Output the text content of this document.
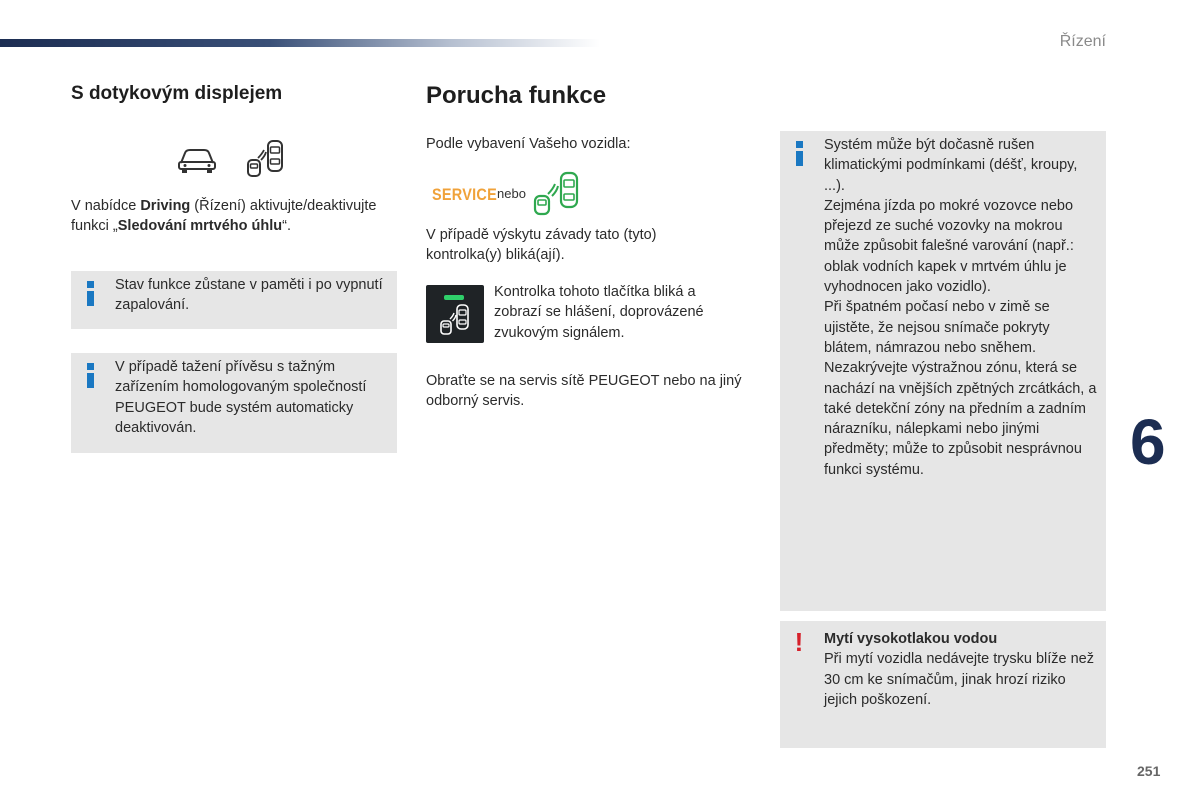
Řízení
6
251
S dotykovým displejem
V nabídce Driving (Řízení) aktivujte/deaktivujte funkci „Sledování mrtvého úhlu“.
Stav funkce zůstane v paměti i po vypnutí zapalování.
V případě tažení přívěsu s tažným zařízením homologovaným společností PEUGEOT bude systém automaticky deaktivován.
Porucha funkce
Podle vybavení Vašeho vozidla:
SERVICE nebo
V případě výskytu závady tato (tyto) kontrolka(y) bliká(ají).
Kontrolka tohoto tlačítka bliká a zobrazí se hlášení, doprovázené zvukovým signálem.
Obraťte se na servis sítě PEUGEOT nebo na jiný odborný servis.
Systém může být dočasně rušen klimatickými podmínkami (déšť, kroupy, ...).
Zejména jízda po mokré vozovce nebo přejezd ze suché vozovky na mokrou může způsobit falešné varování (např.: oblak vodních kapek v mrtvém úhlu je vyhodnocen jako vozidlo).
Při špatném počasí nebo v zimě se ujistěte, že nejsou snímače pokryty blátem, námrazou nebo sněhem.
Nezakrývejte výstražnou zónu, která se nachází na vnějších zpětných zrcátkách, a také detekční zóny na předním a zadním nárazníku, nálepkami nebo jinými předměty; může to způsobit nesprávnou funkci systému.
! Mytí vysokotlakou vodou
Při mytí vozidla nedávejte trysku blíže než 30 cm ke snímačům, jinak hrozí riziko jejich poškození.
